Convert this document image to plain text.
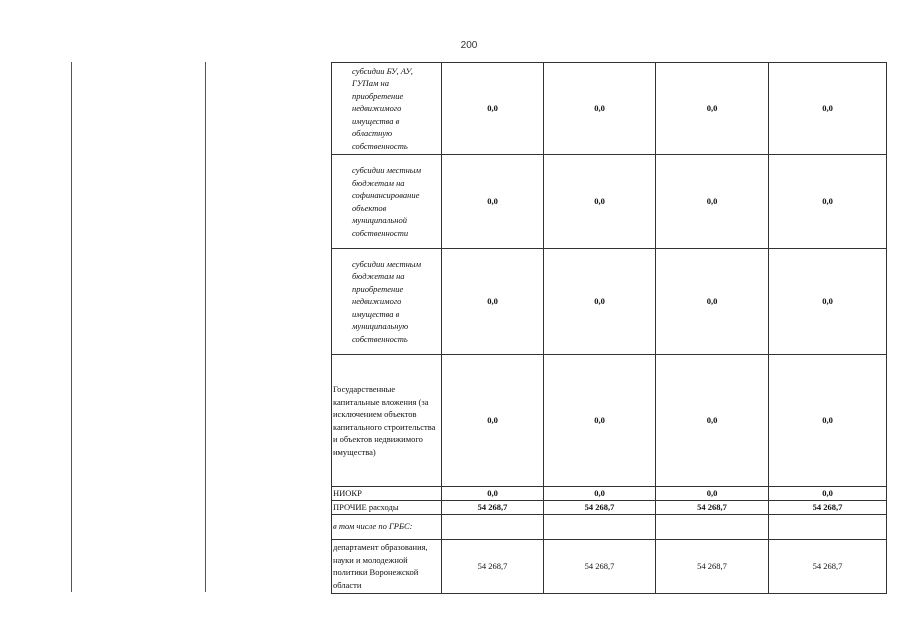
200
субсидии БУ, АУ, ГУПам на приобретение недвижимого имущества в областную собственность	0,0	0,0	0,0	0,0
субсидии местным бюджетам на софинансирование объектов муниципальной собственности	0,0	0,0	0,0	0,0
субсидии местным бюджетам на приобретение недвижимого имущества в муниципальную собственность	0,0	0,0	0,0	0,0
Государственные капитальные вложения (за исключением объектов капитального строительства и объектов недвижимого имущества)	0,0	0,0	0,0	0,0
НИОКР	0,0	0,0	0,0	0,0
ПРОЧИЕ расходы	54 268,7	54 268,7	54 268,7	54 268,7
в том числе по ГРБС:				
департамент образования, науки и молодежной политики Воронежской области	54 268,7	54 268,7	54 268,7	54 268,7
